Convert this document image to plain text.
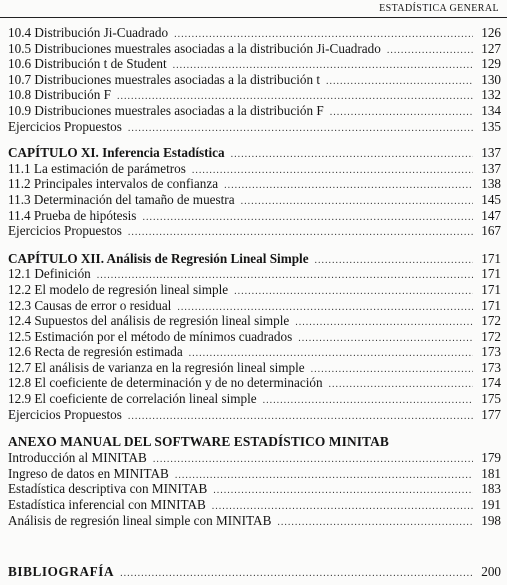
ESTADÍSTICA GENERAL
10.4 Distribución Ji-Cuadrado .....	126
10.5 Distribuciones muestrales asociadas a la distribución Ji-Cuadrado .....	127
10.6 Distribución t de Student .....	129
10.7 Distribuciones muestrales asociadas a la distribución t .....	130
10.8 Distribución F .....	132
10.9 Distribuciones muestrales asociadas a la distribución F .....	134
Ejercicios Propuestos .....	135
CAPÍTULO XI. Inferencia Estadística .....	137
11.1 La estimación de parámetros .....	137
11.2 Principales intervalos de confianza .....	138
11.3 Determinación del tamaño de muestra .....	145
11.4 Prueba de hipótesis .....	147
Ejercicios Propuestos .....	167
CAPÍTULO XII. Análisis de Regresión Lineal Simple .....	171
12.1 Definición .....	171
12.2 El modelo de regresión lineal simple .....	171
12.3 Causas de error o residual .....	171
12.4 Supuestos del análisis de regresión lineal simple .....	172
12.5 Estimación por el método de mínimos cuadrados .....	172
12.6 Recta de regresión estimada .....	173
12.7 El análisis de varianza en la regresión lineal simple .....	173
12.8 El coeficiente de determinación y de no determinación .....	174
12.9 El coeficiente de correlación lineal simple .....	175
Ejercicios Propuestos .....	177
ANEXO MANUAL DEL SOFTWARE ESTADÍSTICO MINITAB
Introducción al MINITAB .....	179
Ingreso de datos en MINITAB .....	181
Estadística descriptiva con MINITAB .....	183
Estadística inferencial con MINITAB .....	191
Análisis de regresión lineal simple con MINITAB .....	198
BIBLIOGRAFÍA .....	200
